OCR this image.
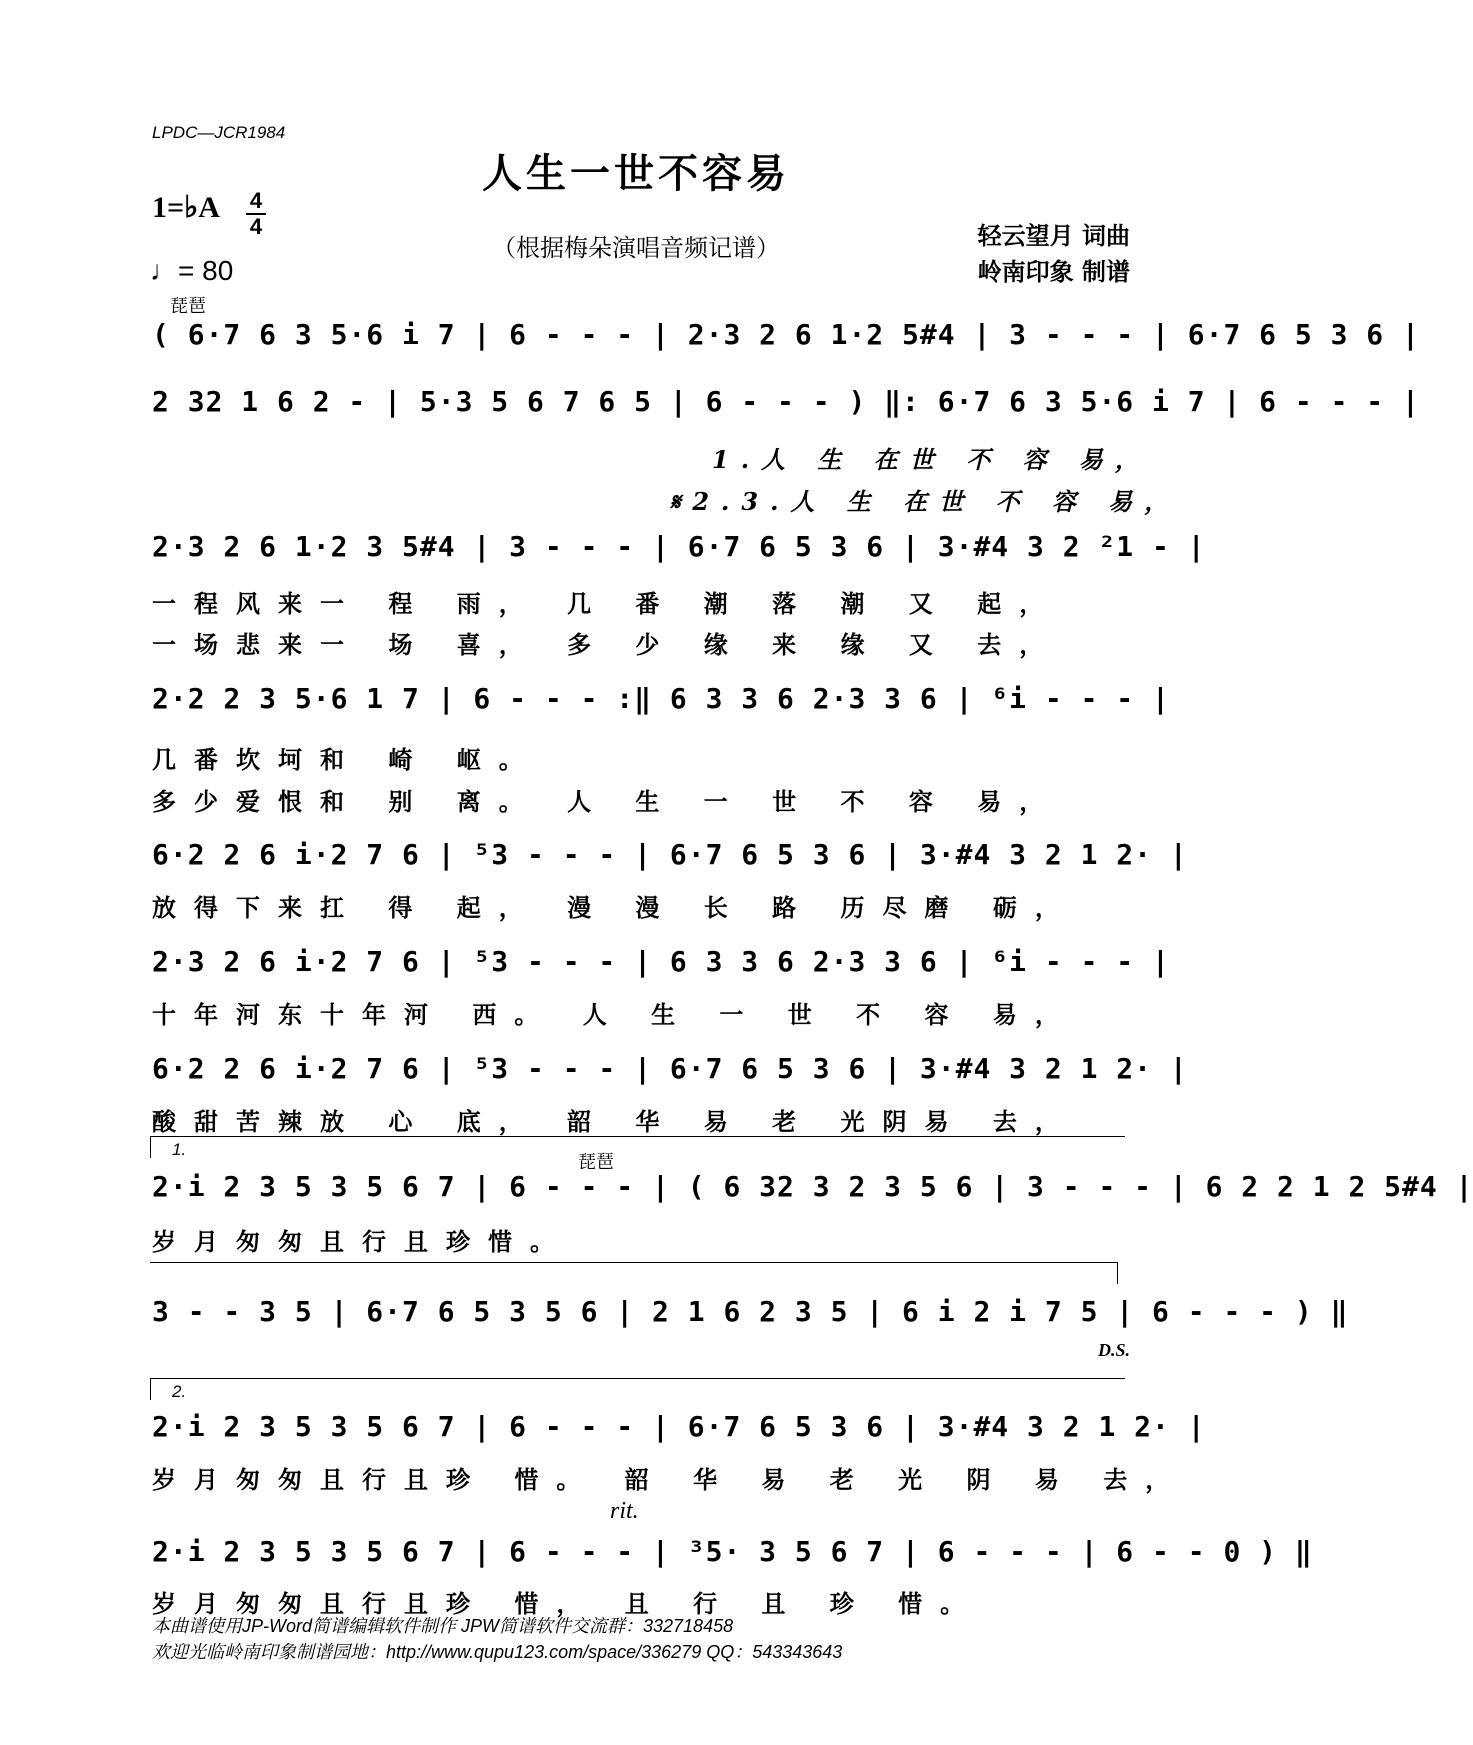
LPDC—JCR1984
人生一世不容易
（根据梅朵演唱音频记谱）
1=♭A 4
4
♩= 80
轻云望月 词曲
岭南印象 制谱
琵琶
( 6·7 6 3 5·6 i 7 | 6 - - - | 2·3 2 6 1·2 5#4 | 3 - - - | 6·7 6 5 3 6 |
2 32 1 6 2 - | 5·3 5 6 7 6 5 | 6 - - - ) ‖: 6·7 6 3 5·6 i 7 | 6 - - - |
1.人 生 在世 不 容 易，
𝄋2.3.人 生 在世 不 容 易，
2·3 2 6 1·2 3 5#4 | 3 - - - | 6·7 6 5 3 6 | 3·#4 3 2 ²1 - |
一程风来一 程 雨， 几 番 潮 落 潮 又 起，
一场悲来一 场 喜， 多 少 缘 来 缘 又 去，
2·2 2 3 5·6 1 7 | 6 - - - :‖ 6 3 3 6 2·3 3 6 | ⁶i - - - |
几番坎坷和 崎 岖。
多少爱恨和 别 离。 人 生 一 世 不 容 易，
6·2 2 6 i·2 7 6 | ⁵3 - - - | 6·7 6 5 3 6 | 3·#4 3 2 1 2· |
放得下来扛 得 起， 漫 漫 长 路 历尽磨 砺，
2·3 2 6 i·2 7 6 | ⁵3 - - - | 6 3 3 6 2·3 3 6 | ⁶i - - - |
十年河东十年河 西。 人 生 一 世 不 容 易，
6·2 2 6 i·2 7 6 | ⁵3 - - - | 6·7 6 5 3 6 | 3·#4 3 2 1 2· |
酸甜苦辣放 心 底， 韶 华 易 老 光阴易 去，
1.
琵琶
2·i 2 3 5 3 5 6 7 | 6 - - - | ( 6 32 3 2 3 5 6 | 3 - - - | 6 2 2 1 2 5#4 |
岁月匆匆且行且珍惜。
3 - - 3 5 | 6·7 6 5 3 5 6 | 2 1 6 2 3 5 | 6 i 2 i 7 5 | 6 - - - ) ‖
D.S.
2.
2·i 2 3 5 3 5 6 7 | 6 - - - | 6·7 6 5 3 6 | 3·#4 3 2 1 2· |
岁月匆匆且行且珍 惜。 韶 华 易 老 光 阴 易 去，
rit.
2·i 2 3 5 3 5 6 7 | 6 - - - | ³5· 3 5 6 7 | 6 - - - | 6 - - 0 ) ‖
岁月匆匆且行且珍 惜， 且 行 且 珍 惜。
本曲谱使用JP-Word简谱编辑软件制作 JPW简谱软件交流群：332718458
欢迎光临岭南印象制谱园地：http://www.qupu123.com/space/336279 QQ：543343643
